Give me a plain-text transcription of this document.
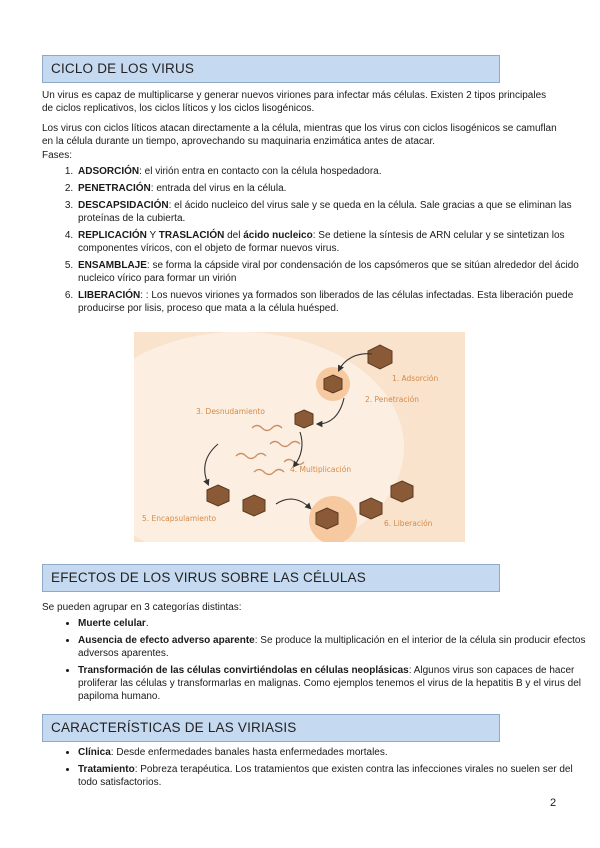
CICLO DE LOS VIRUS

Un virus es capaz de multiplicarse y generar nuevos viriones para infectar más células. Existen 2 tipos principales de ciclos replicativos, los ciclos líticos y los ciclos lisogénicos.

Los virus con ciclos líticos atacan directamente a la célula, mientras que los virus con ciclos lisogénicos se camuflan en la célula durante un tiempo, aprovechando su maquinaria enzimática antes de atacar.

Fases:

1. ADSORCIÓN: el virión entra en contacto con la célula hospedadora.
2. PENETRACIÓN: entrada del virus en la célula.
3. DESCAPSIDACIÓN: el ácido nucleico del virus sale y se queda en la célula. Sale gracias a que se eliminan las proteínas de la cubierta.
4. REPLICACIÓN Y TRASLACIÓN del ácido nucleico: Se detiene la síntesis de ARN celular y se sintetizan los componentes víricos, con el objeto de formar nuevos virus.
5. ENSAMBLAJE: se forma la cápside viral por condensación de los capsómeros que se sitúan alrededor del ácido nucleico vírico para formar un virión
6. LIBERACIÓN: : Los nuevos viriones ya formados son liberados de las células infectadas. Esta liberación puede producirse por lisis, proceso que mata a la célula huésped.
1. Adsorción
2. Penetración
3. Desnudamiento
4. Multiplicación
5. Encapsulamiento
6. Liberación
EFECTOS DE LOS VIRUS SOBRE LAS CÉLULAS

Se pueden agrupar en 3 categorías distintas:

• Muerte celular.
• Ausencia de efecto adverso aparente: Se produce la multiplicación en el interior de la célula sin producir efectos adversos aparentes.
• Transformación de las células convirtiéndolas en células neoplásicas: Algunos virus son capaces de hacer proliferar las células y transformarlas en malignas. Como ejemplos tenemos el virus de la hepatitis B y el virus del papiloma humano.
CARACTERÍSTICAS DE LAS VIRIASIS
• Clínica: Desde enfermedades banales hasta enfermedades mortales.
• Tratamiento: Pobreza terapéutica. Los tratamientos que existen contra las infecciones virales no suelen ser del todo satisfactorios.
2
